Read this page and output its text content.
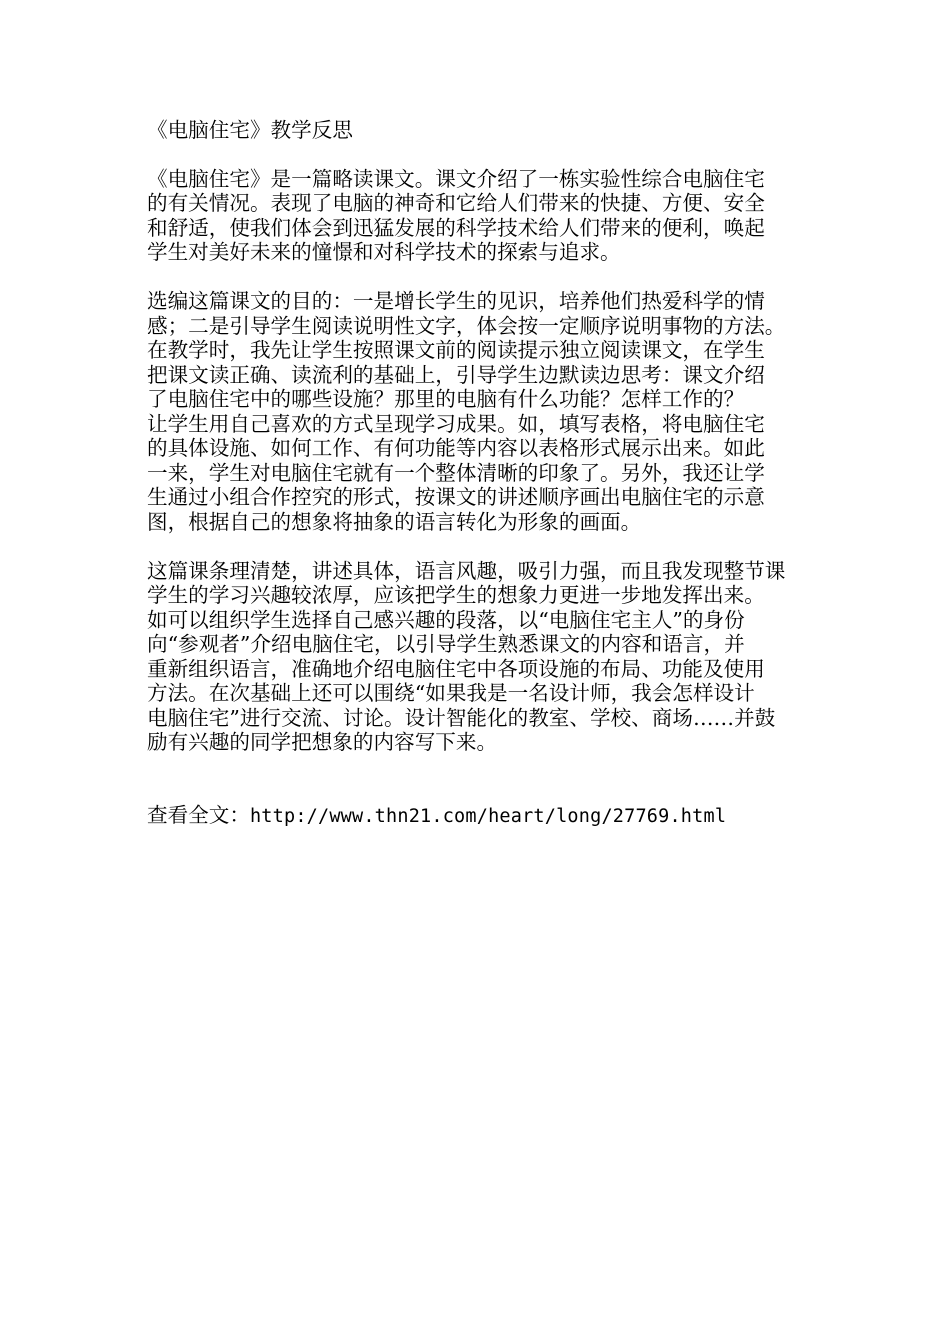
《电脑住宅》教学反思
《电脑住宅》是一篇略读课文。课文介绍了一栋实验性综合电脑住宅
的有关情况。表现了电脑的神奇和它给人们带来的快捷、方便、安全
和舒适，使我们体会到迅猛发展的科学技术给人们带来的便利，唤起
学生对美好未来的憧憬和对科学技术的探索与追求。
选编这篇课文的目的：一是增长学生的见识，培养他们热爱科学的情
感；二是引导学生阅读说明性文字，体会按一定顺序说明事物的方法。
在教学时，我先让学生按照课文前的阅读提示独立阅读课文，在学生
把课文读正确、读流利的基础上，引导学生边默读边思考：课文介绍
了电脑住宅中的哪些设施？那里的电脑有什么功能？怎样工作的？
让学生用自己喜欢的方式呈现学习成果。如，填写表格，将电脑住宅
的具体设施、如何工作、有何功能等内容以表格形式展示出来。如此
一来，学生对电脑住宅就有一个整体清晰的印象了。另外，我还让学
生通过小组合作控究的形式，按课文的讲述顺序画出电脑住宅的示意
图，根据自己的想象将抽象的语言转化为形象的画面。
这篇课条理清楚，讲述具体，语言风趣，吸引力强，而且我发现整节课
学生的学习兴趣较浓厚，应该把学生的想象力更进一步地发挥出来。
如可以组织学生选择自己感兴趣的段落，以“电脑住宅主人”的身份
向“参观者”介绍电脑住宅，以引导学生熟悉课文的内容和语言，并
重新组织语言，准确地介绍电脑住宅中各项设施的布局、功能及使用
方法。在次基础上还可以围绕“如果我是一名设计师，我会怎样设计
电脑住宅”进行交流、讨论。设计智能化的教室、学校、商场……并鼓
励有兴趣的同学把想象的内容写下来。
查看全文：http://www.thn21.com/heart/long/27769.html
